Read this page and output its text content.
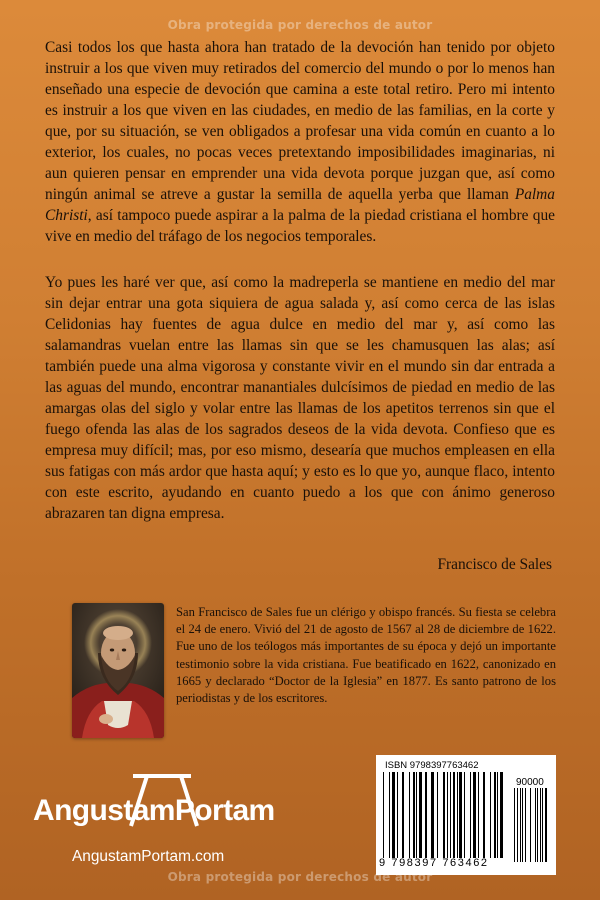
Obra protegida por derechos de autor
Casi todos los que hasta ahora han tratado de la devoción han tenido por objeto instruir a los que viven muy retirados del comercio del mundo o por lo menos han enseñado una especie de devoción que camina a este total retiro. Pero mi intento es instruir a los que viven en las ciudades, en medio de las familias, en la corte y que, por su situación, se ven obligados a profesar una vida común en cuanto a lo exterior, los cuales, no pocas veces pretextando imposibilidades imaginarias, ni aun quieren pensar en emprender una vida devota porque juzgan que, así como ningún animal se atreve a gustar la semilla de aquella yerba que llaman Palma Christi, así tampoco puede aspirar a la palma de la piedad cristiana el hombre que vive en medio del tráfago de los negocios temporales.
Yo pues les haré ver que, así como la madreperla se mantiene en medio del mar sin dejar entrar una gota siquiera de agua salada y, así como cerca de las islas Celidonias hay fuentes de agua dulce en medio del mar y, así como las salamandras vuelan entre las llamas sin que se les chamusquen las alas; así también puede una alma vigorosa y constante vivir en el mundo sin dar entrada a las aguas del mundo, encontrar manantiales dulcísimos de piedad en medio de las amargas olas del siglo y volar entre las llamas de los apetitos terrenos sin que el fuego ofenda las alas de los sagrados deseos de la vida devota. Confieso que es empresa muy difícil; mas, por eso mismo, desearía que muchos empleasen en ella sus fatigas con más ardor que hasta aquí; y esto es lo que yo, aunque flaco, intento con este escrito, ayudando en cuanto puedo a los que con ánimo generoso abrazaren tan digna empresa.
Francisco de Sales
San Francisco de Sales fue un clérigo y obispo francés. Su fiesta se celebra el 24 de enero. Vivió del 21 de agosto de 1567 al 28 de diciembre de 1622. Fue uno de los teólogos más importantes de su época y dejó un importante testimonio sobre la vida cristiana. Fue beatificado en 1622, canonizado en 1665 y declarado “Doctor de la Iglesia” en 1877. Es santo patrono de los periodistas y de los escritores.
AngustamPortam
AngustamPortam.com
ISBN 9798397763462
90000
9 798397 763462
Obra protegida por derechos de autor
